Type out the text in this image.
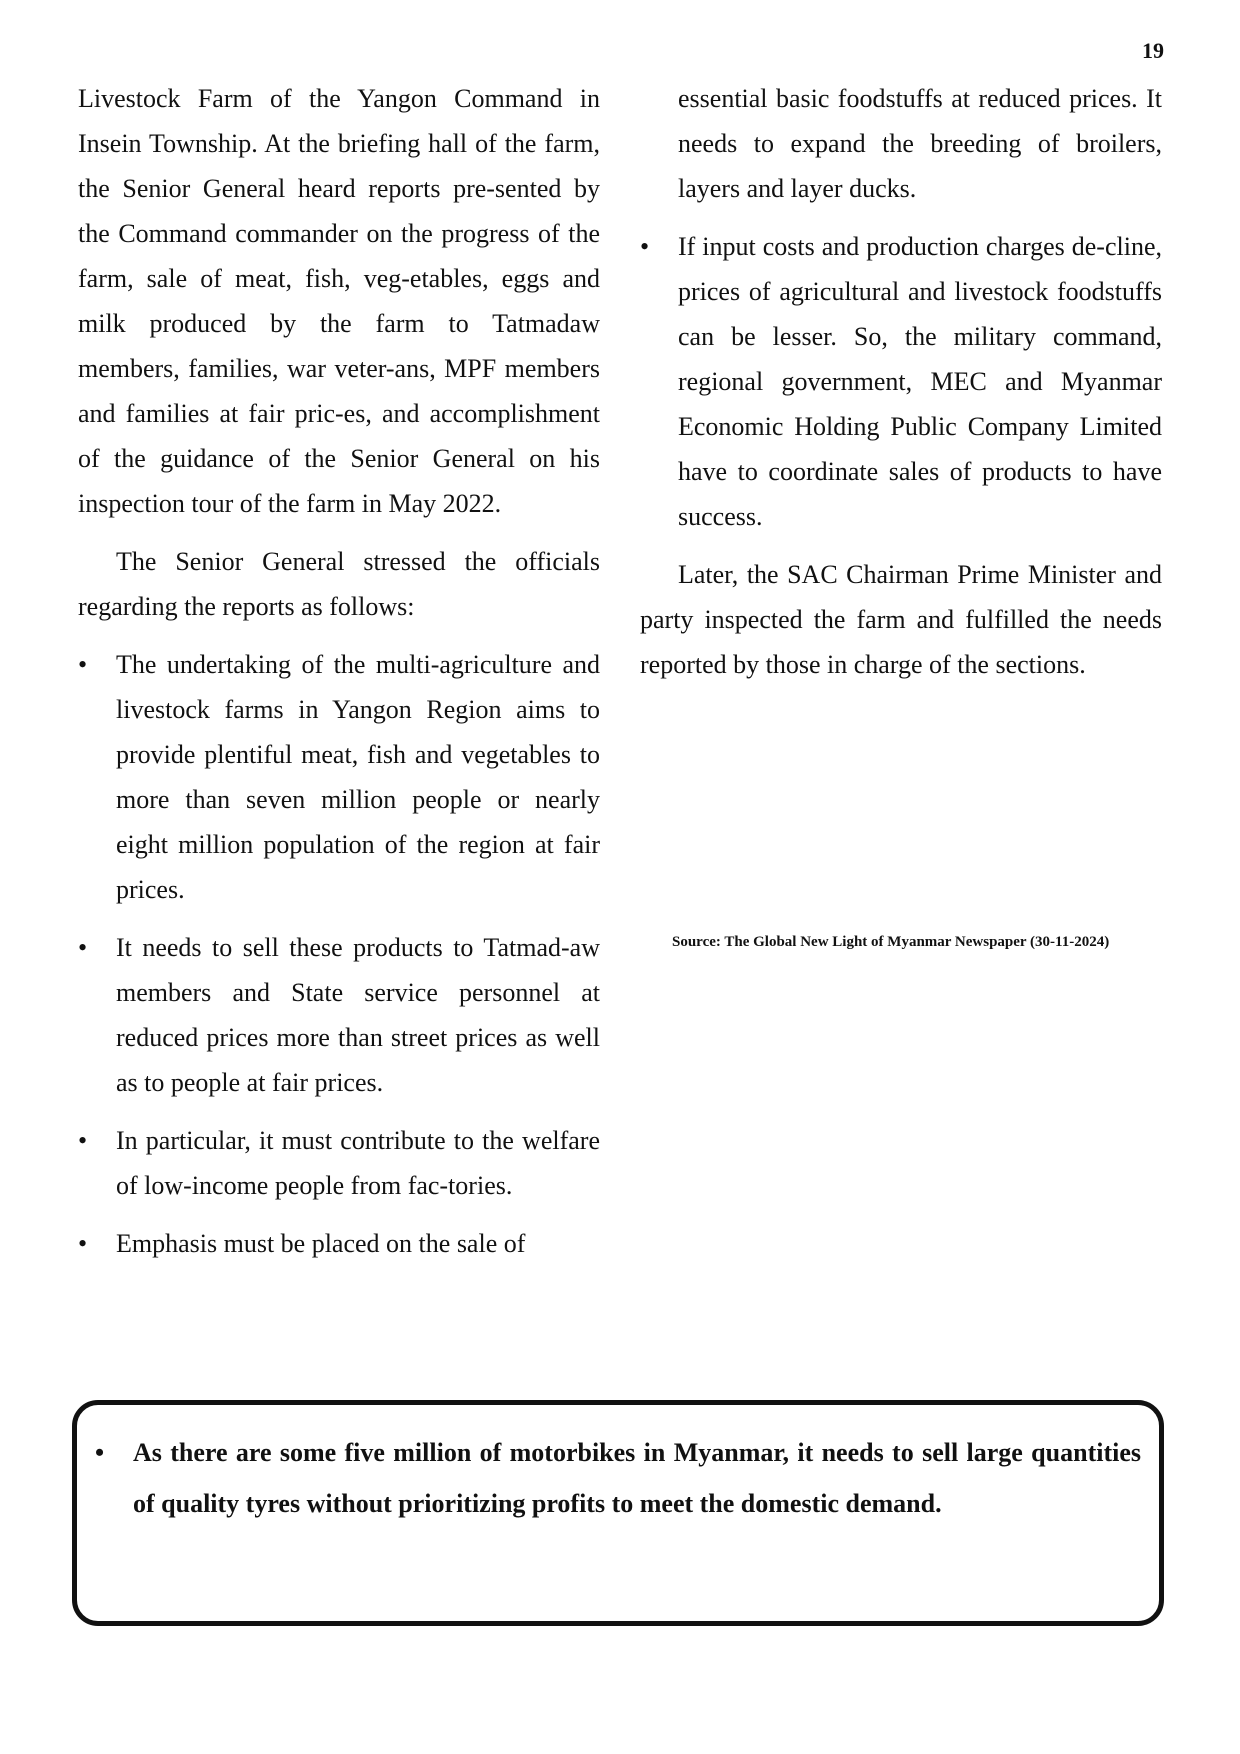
19

Livestock Farm of the Yangon Command in Insein Township. At the briefing hall of the farm, the Senior General heard reports pre-sented by the Command commander on the progress of the farm, sale of meat, fish, veg-etables, eggs and milk produced by the farm to Tatmadaw members, families, war veter-ans, MPF members and families at fair pric-es, and accomplishment of the guidance of the Senior General on his inspection tour of the farm in May 2022.

The Senior General stressed the officials regarding the reports as follows:

• The undertaking of the multi-agriculture and livestock farms in Yangon Region aims to provide plentiful meat, fish and vegetables to more than seven million people or nearly eight million population of the region at fair prices.
• It needs to sell these products to Tatmad-aw members and State service personnel at reduced prices more than street prices as well as to people at fair prices.
• In particular, it must contribute to the welfare of low-income people from fac-tories.
• Emphasis must be placed on the sale of
essential basic foodstuffs at reduced prices. It needs to expand the breeding of broilers, layers and layer ducks.
• If input costs and production charges de-cline, prices of agricultural and livestock foodstuffs can be lesser. So, the military command, regional government, MEC and Myanmar Economic Holding Public Company Limited have to coordinate sales of products to have success.

Later, the SAC Chairman Prime Minister and party inspected the farm and fulfilled the needs reported by those in charge of the sections.

Source: The Global New Light of Myanmar Newspaper (30-11-2024)
• As there are some five million of motorbikes in Myanmar, it needs to sell large quantities of quality tyres without prioritizing profits to meet the domestic demand.
